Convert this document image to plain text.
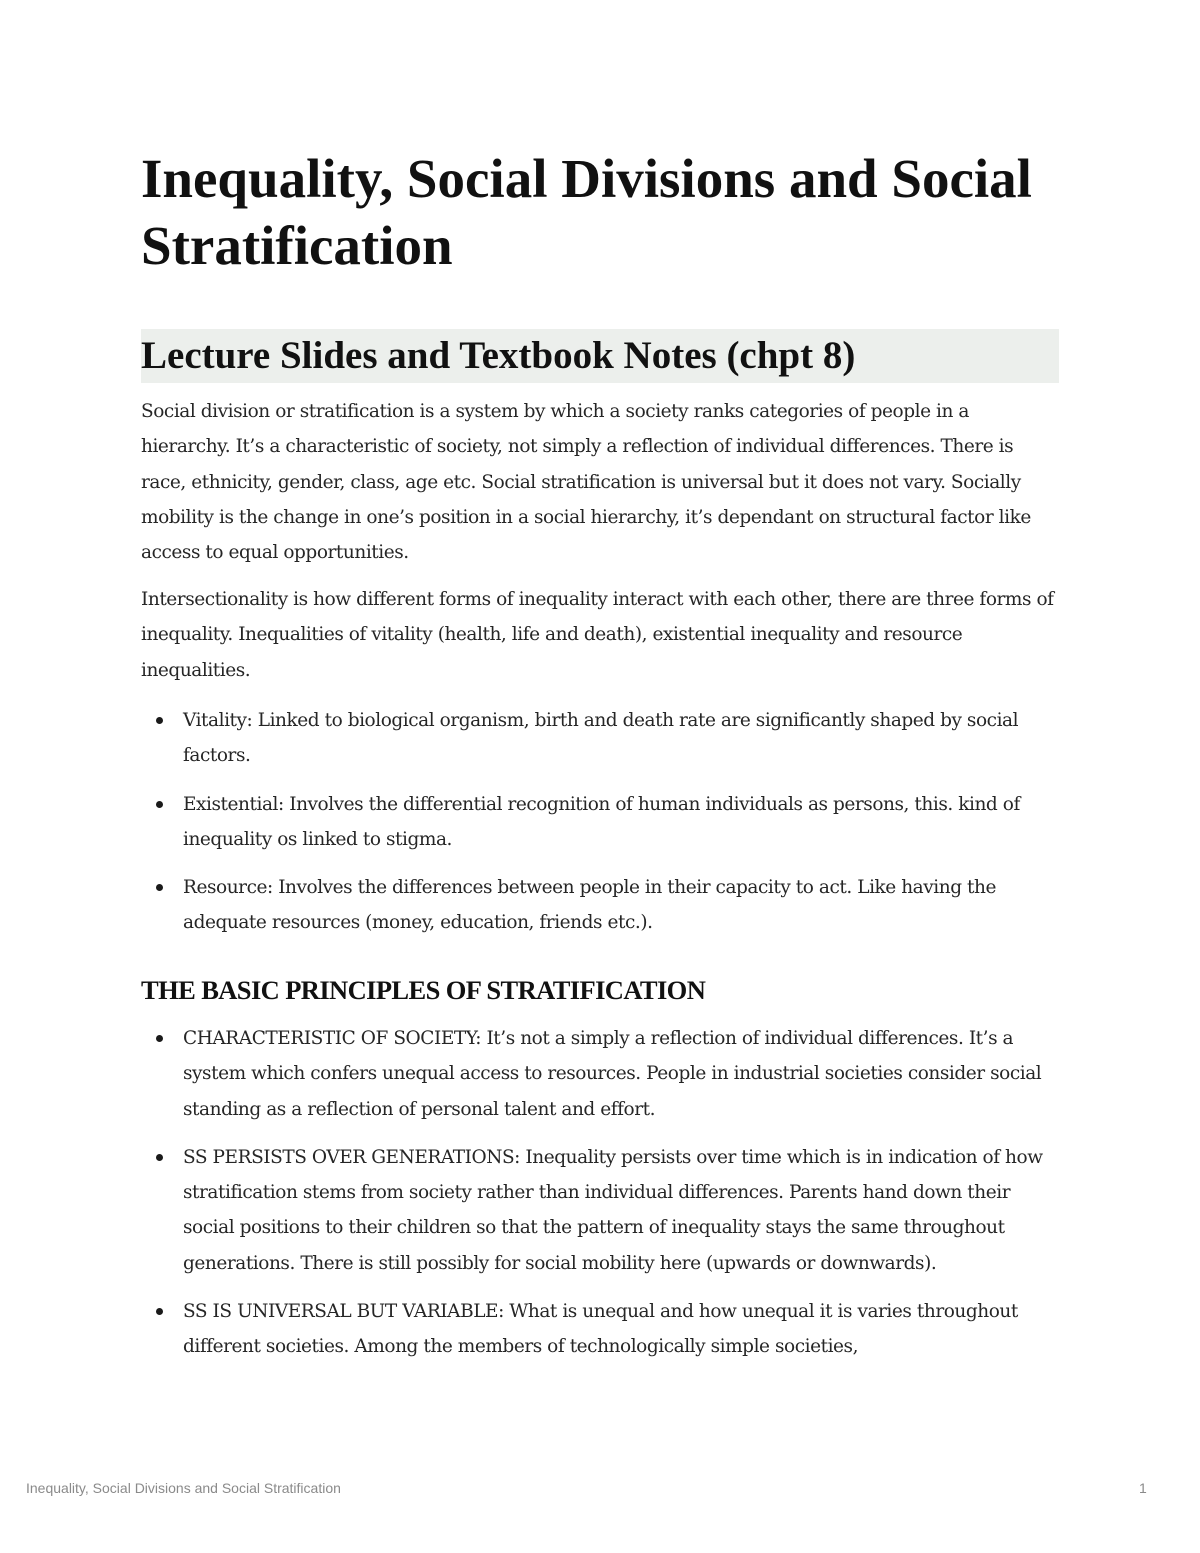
Inequality, Social Divisions and Social Stratification
Lecture Slides and Textbook Notes (chpt 8)

Social division or stratification is a system by which a society ranks categories of people in a hierarchy. It’s a characteristic of society, not simply a reflection of individual differences. There is race, ethnicity, gender, class, age etc. Social stratification is universal but it does not vary. Socially mobility is the change in one’s position in a social hierarchy, it’s dependant on structural factor like access to equal opportunities.

Intersectionality is how different forms of inequality interact with each other, there are three forms of inequality. Inequalities of vitality (health, life and death), existential inequality and resource inequalities.

Vitality: Linked to biological organism, birth and death rate are significantly shaped by social factors.
Existential: Involves the differential recognition of human individuals as persons, this. kind of inequality os linked to stigma.
Resource: Involves the differences between people in their capacity to act. Like having the adequate resources (money, education, friends etc.).
THE BASIC PRINCIPLES OF STRATIFICATION
CHARACTERISTIC OF SOCIETY: It’s not a simply a reflection of individual differences. It’s a system which confers unequal access to resources. People in industrial societies consider social standing as a reflection of personal talent and effort.
SS PERSISTS OVER GENERATIONS: Inequality persists over time which is in indication of how stratification stems from society rather than individual differences. Parents hand down their social positions to their children so that the pattern of inequality stays the same throughout generations. There is still possibly for social mobility here (upwards or downwards).
SS IS UNIVERSAL BUT VARIABLE: What is unequal and how unequal it is varies throughout different societies. Among the members of technologically simple societies,
Inequality, Social Divisions and Social Stratification	1
